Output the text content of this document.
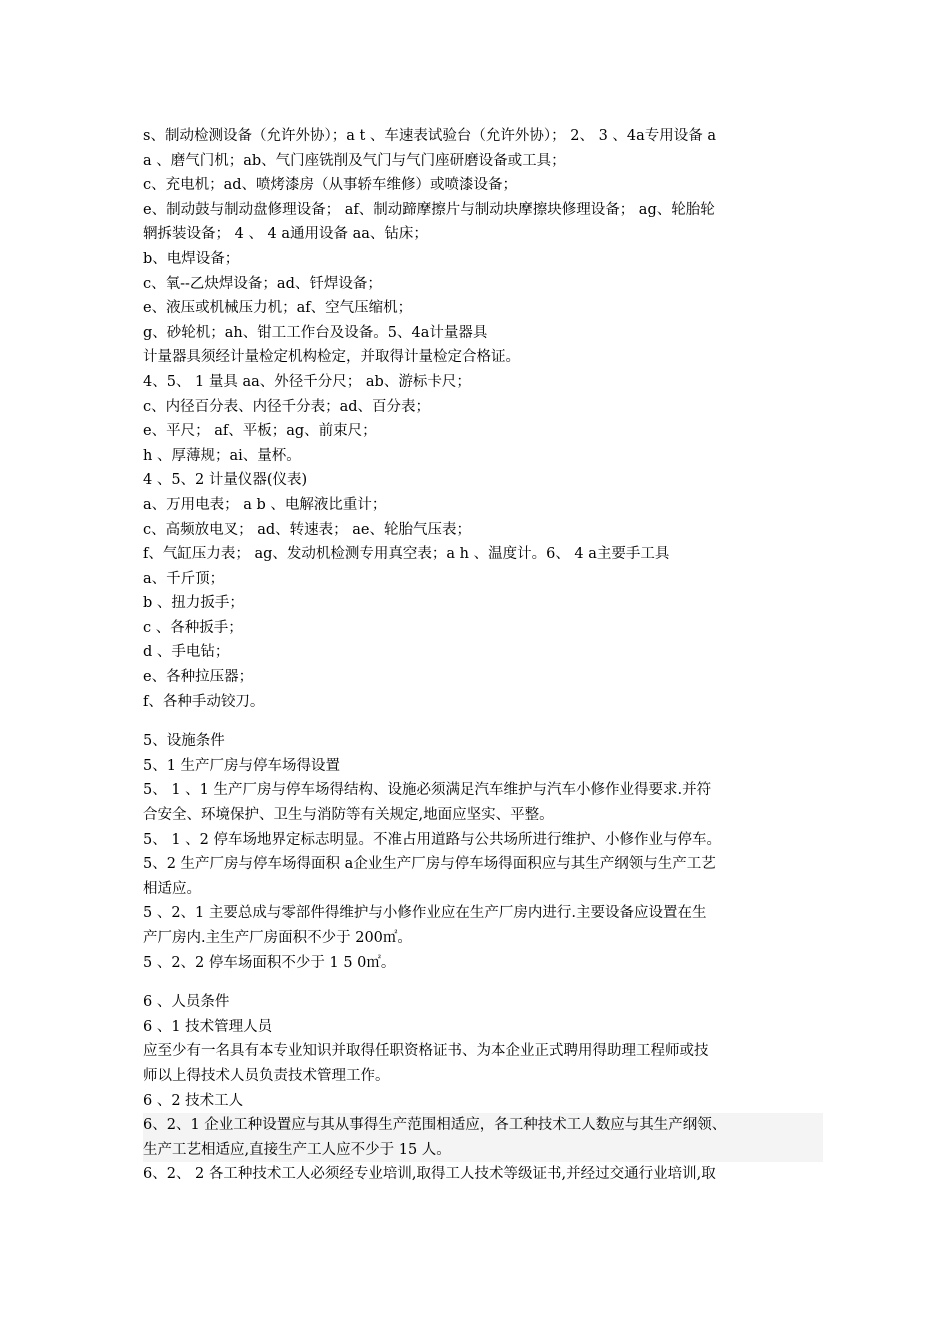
s、制动检测设备（允许外协）；a t 、车速表试验台（允许外协）； 2、 3 、4a专用设备 a
a 、磨气门机；ab、气门座铣削及气门与气门座研磨设备或工具；
c、充电机；ad、喷烤漆房（从事轿车维修）或喷漆设备；
e、制动鼓与制动盘修理设备； af、制动蹄摩擦片与制动块摩擦块修理设备； ag、轮胎轮
辋拆装设备； 4 、 4 a通用设备 aa、钻床；
b、电焊设备；
c、氧--乙炔焊设备；ad、钎焊设备；
e、液压或机械压力机；af、空气压缩机；
g、砂轮机；ah、钳工工作台及设备。5、4a计量器具
计量器具须经计量检定机构检定，并取得计量检定合格证。
4、5、 1 量具 aa、外径千分尺； ab、游标卡尺；
c、内径百分表、内径千分表；ad、百分表；
e、平尺； af、平板；ag、前束尺；
h 、厚薄规；ai、量杯。
4 、5、2 计量仪器(仪表)
a、万用电表； a b 、电解液比重计；
c、高频放电叉； ad、转速表； ae、轮胎气压表；
f、气缸压力表； ag、发动机检测专用真空表；a h 、温度计。6、 4 a主要手工具
a、千斤顶；
b 、扭力扳手；
c 、各种扳手；
d 、手电钻；
e、各种拉压器；
f、各种手动铰刀。
5、设施条件
5、1 生产厂房与停车场得设置
5、 1 、1 生产厂房与停车场得结构、设施必须满足汽车维护与汽车小修作业得要求.并符
合安全、环境保护、卫生与消防等有关规定,地面应坚实、平整。
5、 1 、2 停车场地界定标志明显。不准占用道路与公共场所进行维护、小修作业与停车。
5、2 生产厂房与停车场得面积 a企业生产厂房与停车场得面积应与其生产纲领与生产工艺
相适应。
5 、2、1 主要总成与零部件得维护与小修作业应在生产厂房内进行.主要设备应设置在生
产厂房内.主生产厂房面积不少于 200㎡。
5 、2、2 停车场面积不少于 1 5 0㎡。
6 、人员条件
6 、1 技术管理人员
应至少有一名具有本专业知识并取得任职资格证书、为本企业正式聘用得助理工程师或技
师以上得技术人员负责技术管理工作。
6 、2 技术工人
6、2、1 企业工种设置应与其从事得生产范围相适应，各工种技术工人数应与其生产纲领、
生产工艺相适应,直接生产工人应不少于 15 人。
6、2、 2 各工种技术工人必须经专业培训,取得工人技术等级证书,并经过交通行业培训,取
